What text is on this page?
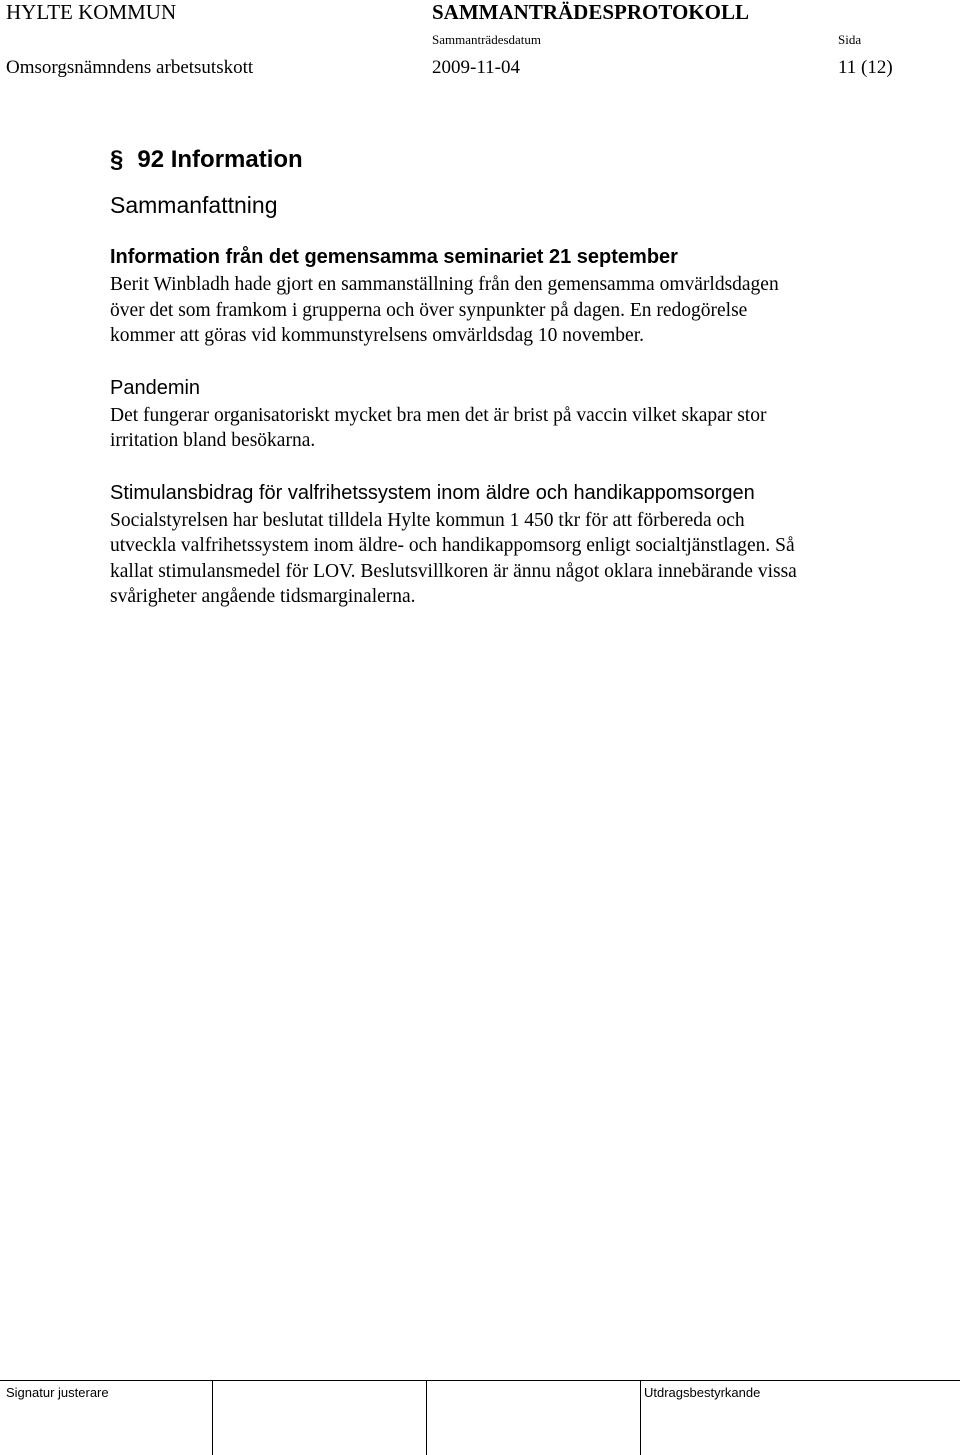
HYLTE KOMMUN	SAMMANTRÄDESPROTOKOLL
Sammanträdesdatum	Sida
Omsorgsnämndens arbetsutskott	2009-11-04	11 (12)
§ 92 Information
Sammanfattning

Information från det gemensamma seminariet 21 september

Berit Winbladh hade gjort en sammanställning från den gemensamma omvärldsdagen
över det som framkom i grupperna och över synpunkter på dagen. En redogörelse
kommer att göras vid kommunstyrelsens omvärldsdag 10 november.

Pandemin

Det fungerar organisatoriskt mycket bra men det är brist på vaccin vilket skapar stor
irritation bland besökarna.

Stimulansbidrag för valfrihetssystem inom äldre och handikappomsorgen

Socialstyrelsen har beslutat tilldela Hylte kommun 1 450 tkr för att förbereda och
utveckla valfrihetssystem inom äldre- och handikappomsorg enligt socialtjänstlagen. Så
kallat stimulansmedel för LOV. Beslutsvillkoren är ännu något oklara innebärande vissa
svårigheter angående tidsmarginalerna.

Signatur justerare	Utdragsbestyrkande
